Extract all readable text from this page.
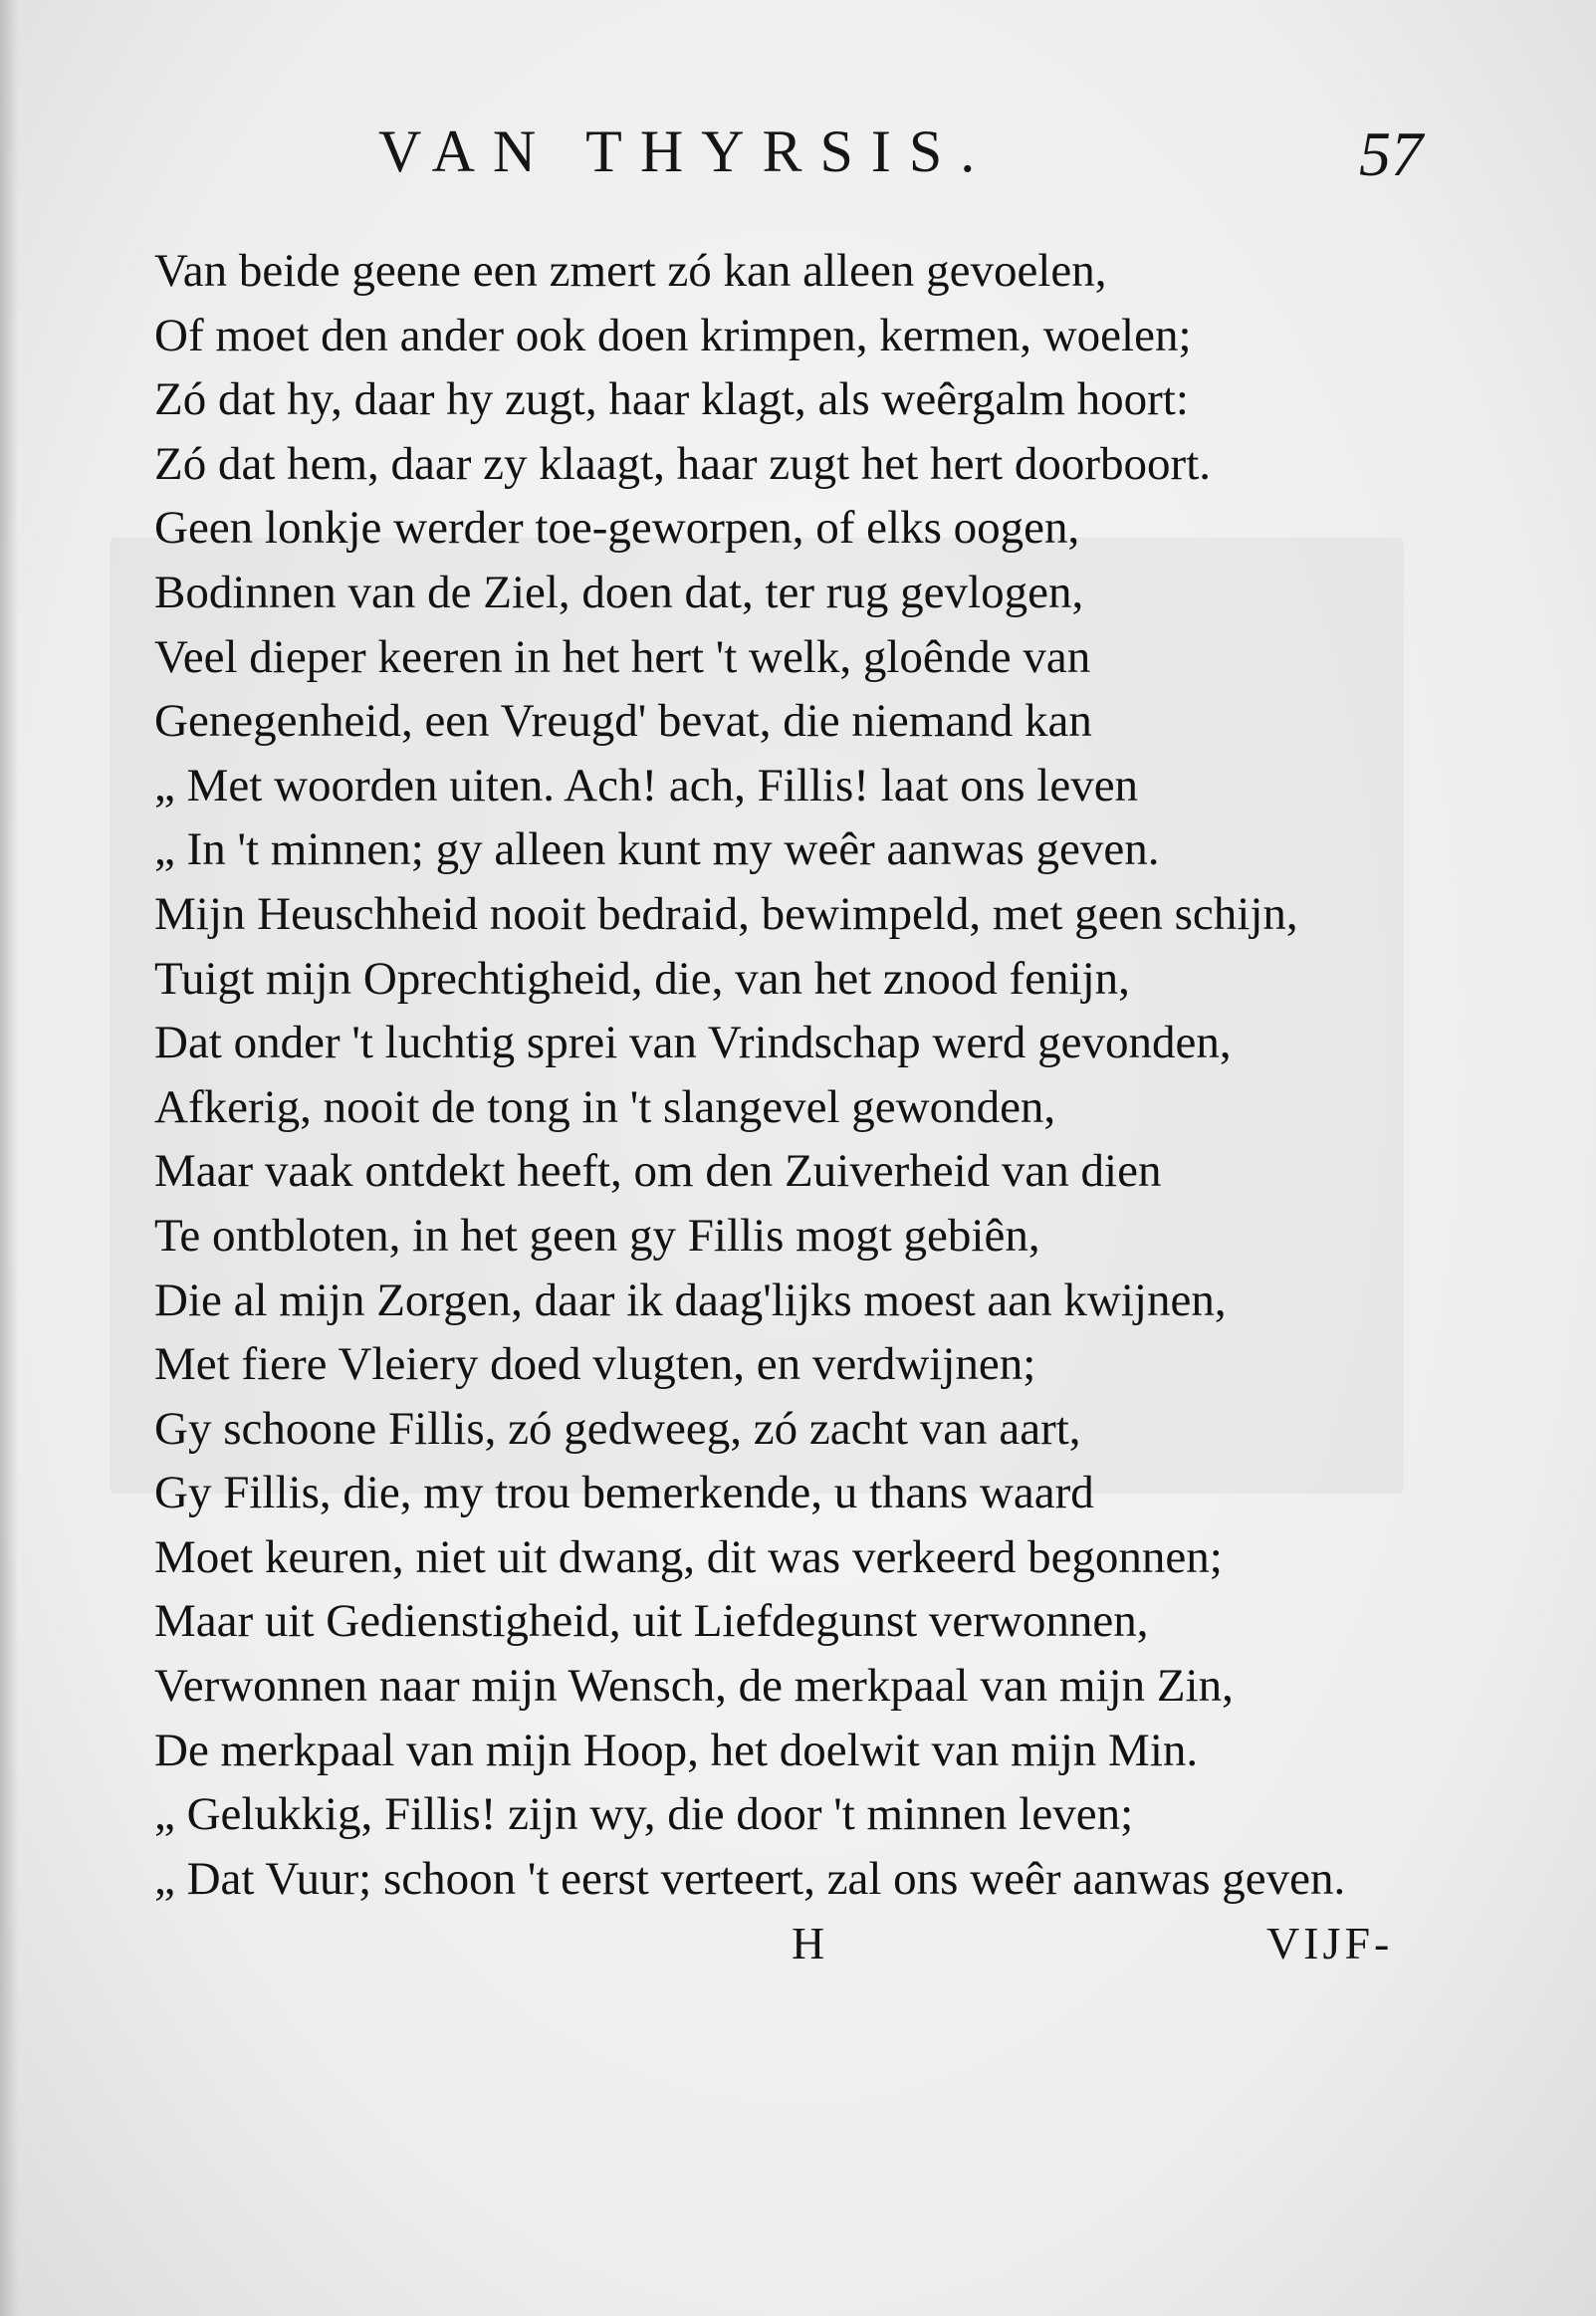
VAN THYRSIS.	57
Van beide geene een zmert zó kan alleen gevoelen,
Of moet den ander ook doen krimpen, kermen, woelen;
Zó dat hy, daar hy zugt, haar klagt, als weêrgalm hoort:
Zó dat hem, daar zy klaagt, haar zugt het hert doorboort.
Geen lonkje werder toe-geworpen, of elks oogen,
Bodinnen van de Ziel, doen dat, ter rug gevlogen,
Veel dieper keeren in het hert 't welk, gloênde van
Genegenheid, een Vreugd' bevat, die niemand kan
„ Met woorden uiten. Ach! ach, Fillis! laat ons leven
„ In 't minnen; gy alleen kunt my weêr aanwas geven.
Mijn Heuschheid nooit bedraid, bewimpeld, met geen schijn,
Tuigt mijn Oprechtigheid, die, van het znood fenijn,
Dat onder 't luchtig sprei van Vrindschap werd gevonden,
Afkerig, nooit de tong in 't slangevel gewonden,
Maar vaak ontdekt heeft, om den Zuiverheid van dien
Te ontbloten, in het geen gy Fillis mogt gebiên,
Die al mijn Zorgen, daar ik daag'lijks moest aan kwijnen,
Met fiere Vleiery doed vlugten, en verdwijnen;
Gy schoone Fillis, zó gedweeg, zó zacht van aart,
Gy Fillis, die, my trou bemerkende, u thans waard
Moet keuren, niet uit dwang, dit was verkeerd begonnen;
Maar uit Gedienstigheid, uit Liefdegunst verwonnen,
Verwonnen naar mijn Wensch, de merkpaal van mijn Zin,
De merkpaal van mijn Hoop, het doelwit van mijn Min.
„ Gelukkig, Fillis! zijn wy, die door 't minnen leven;
„ Dat Vuur; schoon 't eerst verteert, zal ons weêr aanwas geven.
H	VIJF-
